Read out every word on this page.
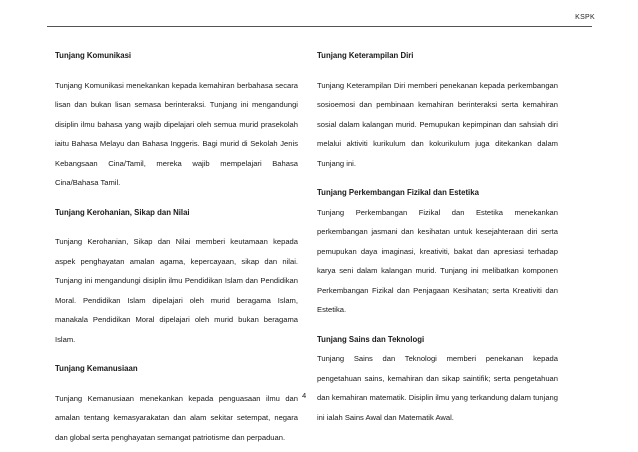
KSPK

Tunjang Komunikasi

Tunjang Komunikasi menekankan kepada kemahiran berbahasa secara lisan dan bukan lisan semasa berinteraksi. Tunjang ini mengandungi disiplin ilmu bahasa yang wajib dipelajari oleh semua murid prasekolah iaitu Bahasa Melayu dan Bahasa Inggeris. Bagi murid di Sekolah Jenis Kebangsaan Cina/Tamil, mereka wajib mempelajari Bahasa Cina/Bahasa Tamil.

Tunjang Kerohanian, Sikap dan Nilai

Tunjang Kerohanian, Sikap dan Nilai memberi keutamaan kepada aspek penghayatan amalan agama, kepercayaan, sikap dan nilai. Tunjang ini mengandungi disiplin ilmu Pendidikan Islam dan Pendidikan Moral. Pendidikan Islam dipelajari oleh murid beragama Islam, manakala Pendidikan Moral dipelajari oleh murid bukan beragama Islam.

Tunjang Kemanusiaan

Tunjang Kemanusiaan menekankan kepada penguasaan ilmu dan amalan tentang kemasyarakatan dan alam sekitar setempat, negara dan global serta penghayatan semangat patriotisme dan perpaduan.

Tunjang Keterampilan Diri

Tunjang Keterampilan Diri memberi penekanan kepada perkembangan sosioemosi dan pembinaan kemahiran berinteraksi serta kemahiran sosial dalam kalangan murid. Pemupukan kepimpinan dan sahsiah diri melalui aktiviti kurikulum dan kokurikulum juga ditekankan dalam Tunjang ini.

Tunjang Perkembangan Fizikal dan Estetika

Tunjang Perkembangan Fizikal dan Estetika menekankan perkembangan jasmani dan kesihatan untuk kesejahteraan diri serta pemupukan daya imaginasi, kreativiti, bakat dan apresiasi terhadap karya seni dalam kalangan murid. Tunjang ini melibatkan komponen Perkembangan Fizikal dan Penjagaan Kesihatan; serta Kreativiti dan Estetika.

Tunjang Sains dan Teknologi

Tunjang Sains dan Teknologi memberi penekanan kepada pengetahuan sains, kemahiran dan sikap saintifik; serta pengetahuan dan kemahiran matematik. Disiplin ilmu yang terkandung dalam tunjang ini ialah Sains Awal dan Matematik Awal.

4
